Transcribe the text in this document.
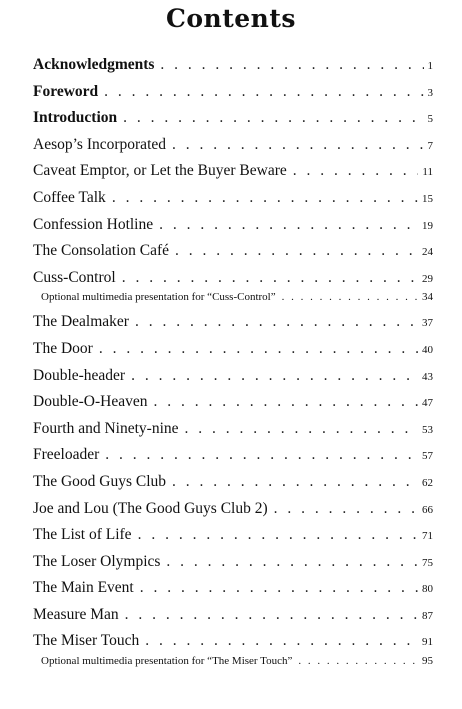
Contents
Acknowledgments . . .	1
Foreword . . .	3
Introduction . . .	5
Aesop’s Incorporated . . .	7
Caveat Emptor, or Let the Buyer Beware . . .	11
Coffee Talk . . .	15
Confession Hotline . . .	19
The Consolation Café . . .	24
Cuss-Control . . .	29
Optional multimedia presentation for “Cuss-Control” . . .	34
The Dealmaker . . .	37
The Door . . .	40
Double-header . . .	43
Double-O-Heaven . . .	47
Fourth and Ninety-nine . . .	53
Freeloader . . .	57
The Good Guys Club . . .	62
Joe and Lou (The Good Guys Club 2) . . .	66
The List of Life . . .	71
The Loser Olympics . . .	75
The Main Event . . .	80
Measure Man . . .	87
The Miser Touch . . .	91
Optional multimedia presentation for “The Miser Touch” . . .	95
